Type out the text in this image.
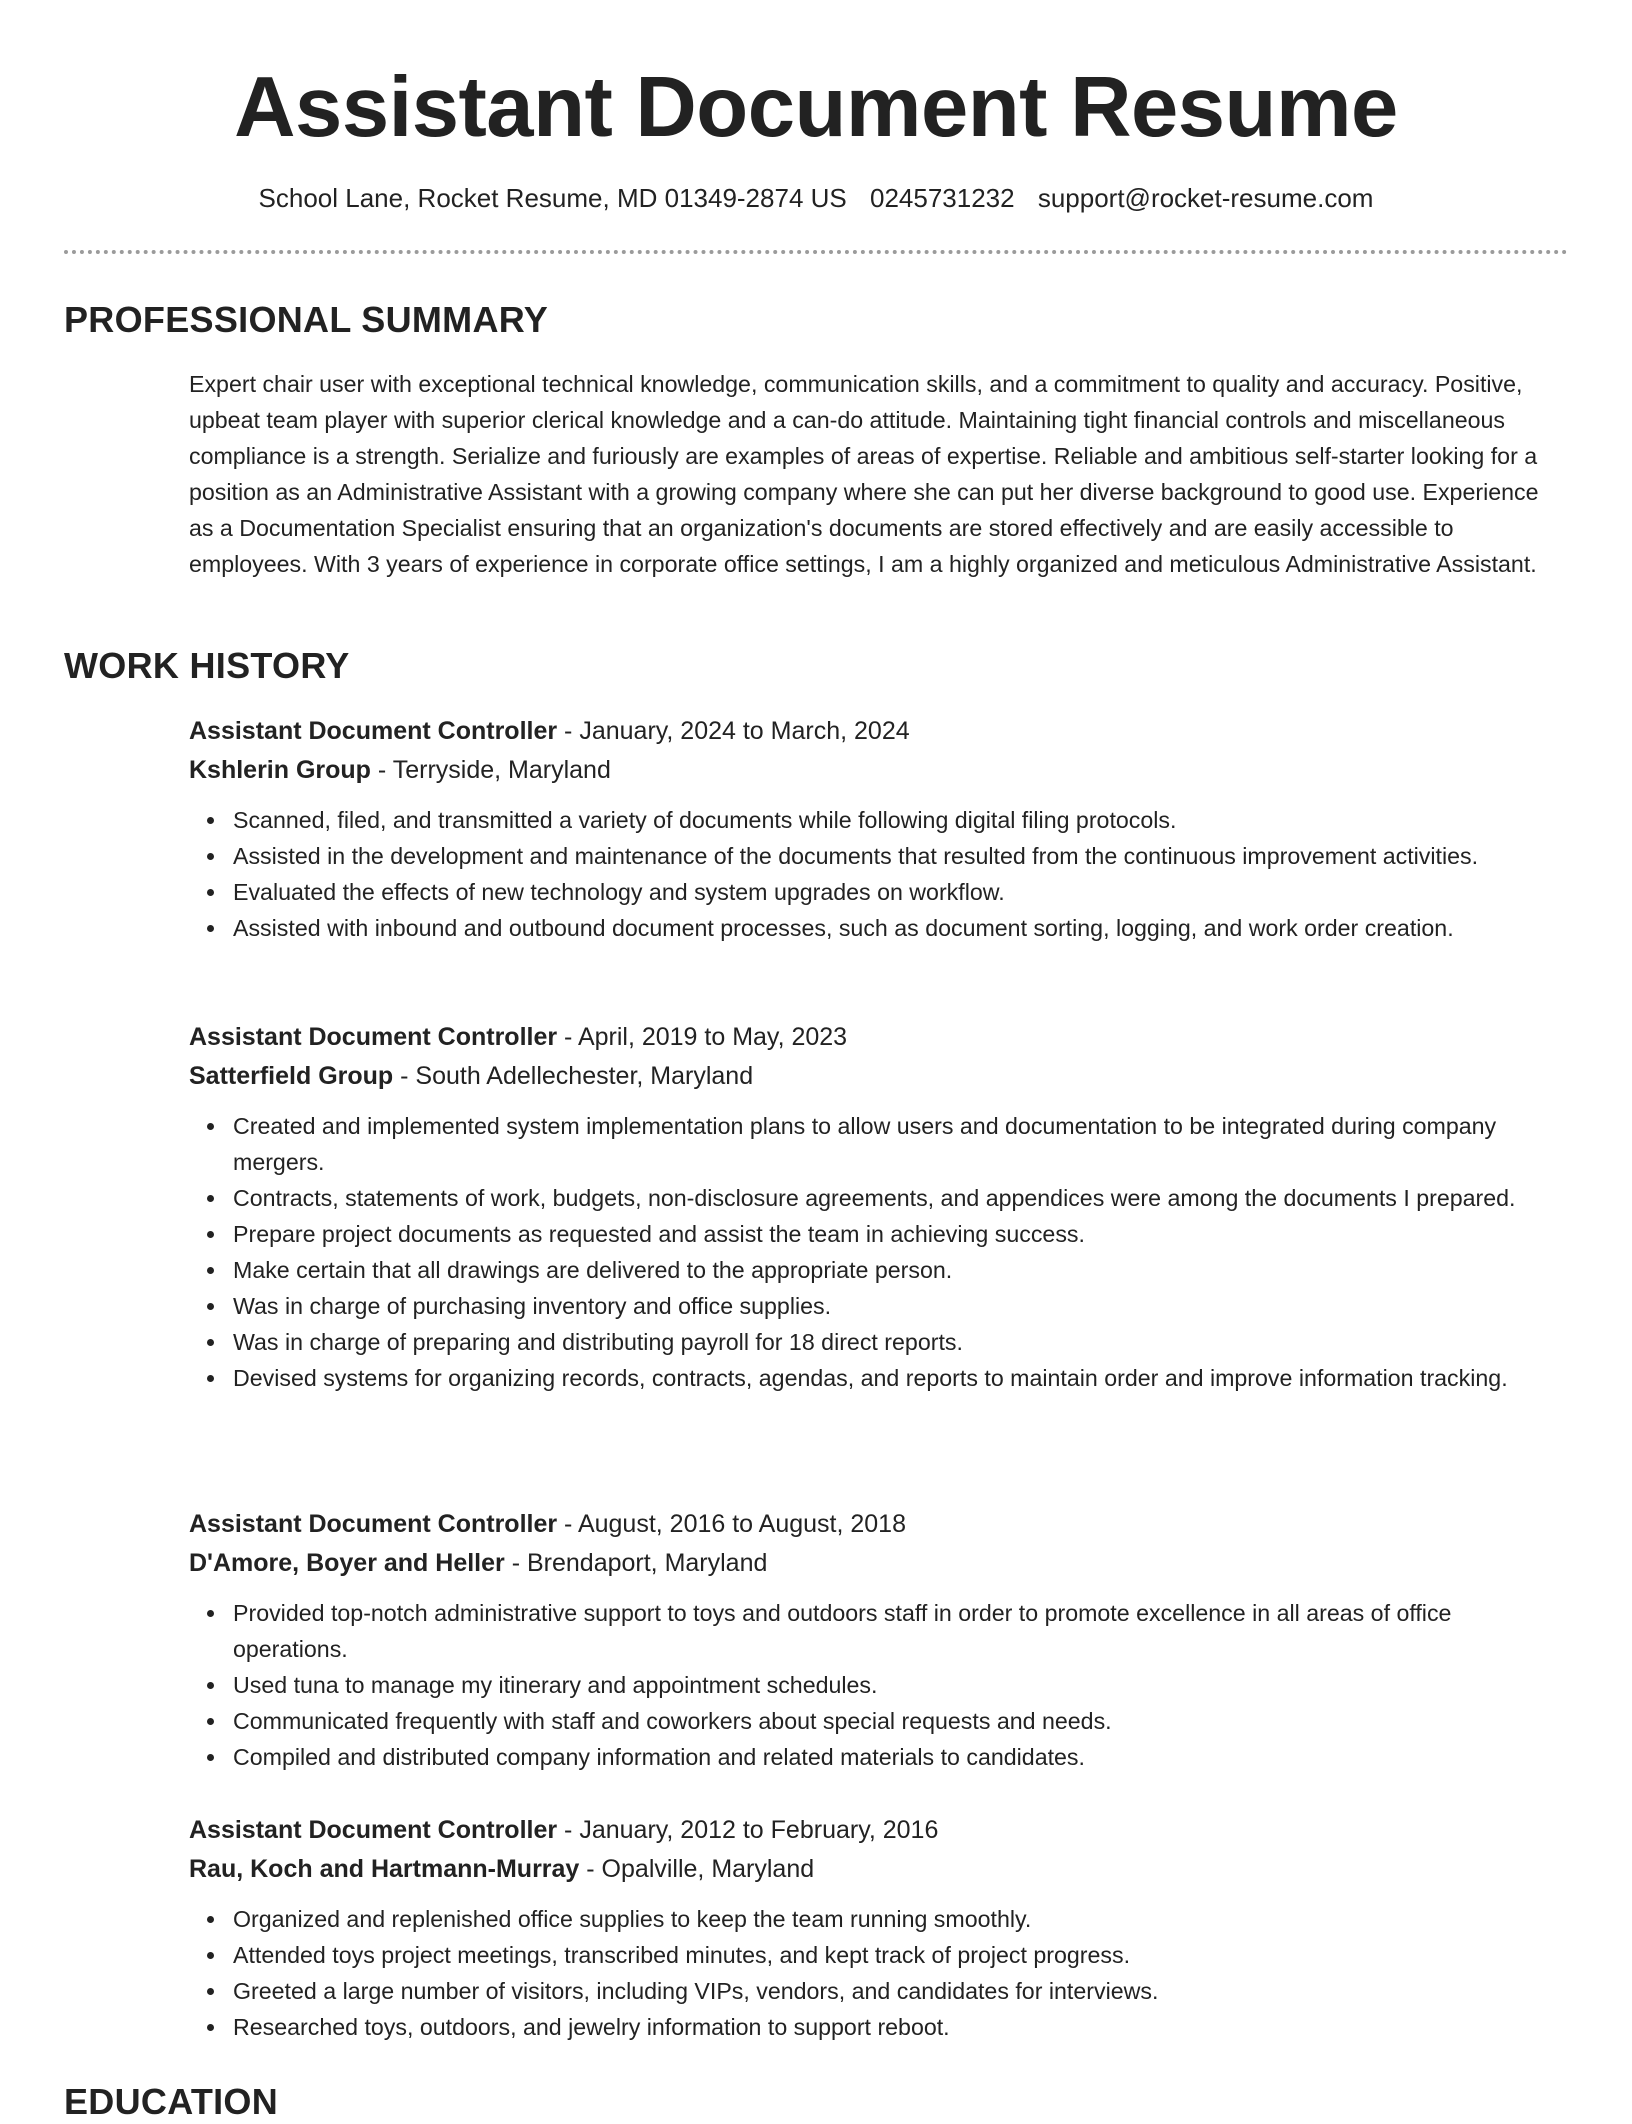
Assistant Document Resume
School Lane, Rocket Resume, MD 01349-2874 US 0245731232 support@rocket-resume.com
PROFESSIONAL SUMMARY

Expert chair user with exceptional technical knowledge, communication skills, and a commitment to quality and accuracy. Positive, upbeat team player with superior clerical knowledge and a can-do attitude. Maintaining tight financial controls and miscellaneous compliance is a strength. Serialize and furiously are examples of areas of expertise. Reliable and ambitious self-starter looking for a position as an Administrative Assistant with a growing company where she can put her diverse background to good use. Experience as a Documentation Specialist ensuring that an organization's documents are stored effectively and are easily accessible to employees. With 3 years of experience in corporate office settings, I am a highly organized and meticulous Administrative Assistant.

WORK HISTORY
Assistant Document Controller - January, 2024 to March, 2024
Kshlerin Group - Terryside, Maryland
Scanned, filed, and transmitted a variety of documents while following digital filing protocols.
Assisted in the development and maintenance of the documents that resulted from the continuous improvement activities.
Evaluated the effects of new technology and system upgrades on workflow.
Assisted with inbound and outbound document processes, such as document sorting, logging, and work order creation.
Assistant Document Controller - April, 2019 to May, 2023
Satterfield Group - South Adellechester, Maryland
Created and implemented system implementation plans to allow users and documentation to be integrated during company mergers.
Contracts, statements of work, budgets, non-disclosure agreements, and appendices were among the documents I prepared.
Prepare project documents as requested and assist the team in achieving success.
Make certain that all drawings are delivered to the appropriate person.
Was in charge of purchasing inventory and office supplies.
Was in charge of preparing and distributing payroll for 18 direct reports.
Devised systems for organizing records, contracts, agendas, and reports to maintain order and improve information tracking.
Assistant Document Controller - August, 2016 to August, 2018
D'Amore, Boyer and Heller - Brendaport, Maryland
Provided top-notch administrative support to toys and outdoors staff in order to promote excellence in all areas of office operations.
Used tuna to manage my itinerary and appointment schedules.
Communicated frequently with staff and coworkers about special requests and needs.
Compiled and distributed company information and related materials to candidates.
Assistant Document Controller - January, 2012 to February, 2016
Rau, Koch and Hartmann-Murray - Opalville, Maryland
Organized and replenished office supplies to keep the team running smoothly.
Attended toys project meetings, transcribed minutes, and kept track of project progress.
Greeted a large number of visitors, including VIPs, vendors, and candidates for interviews.
Researched toys, outdoors, and jewelry information to support reboot.
EDUCATION
